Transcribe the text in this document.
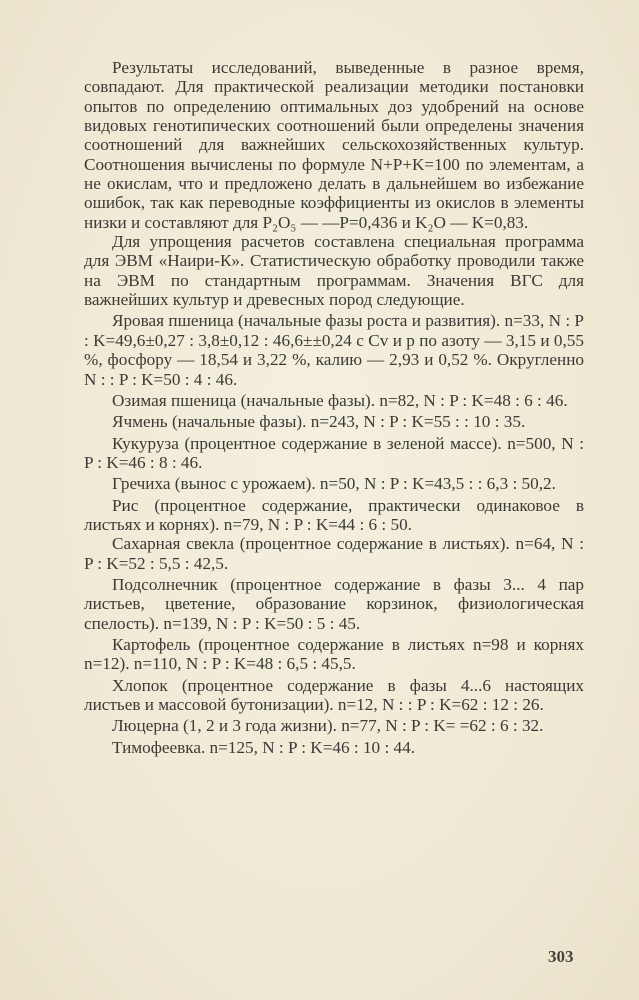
Результаты исследований, выведенные в разное время, совпадают. Для практической реализации методики постановки опытов по определению оптимальных доз удобрений на основе видовых генотипических соотношений были определены значения соотношений для важнейших сельскохозяйственных культур. Соотношения вычислены по формуле N+P+K=100 по элементам, а не окислам, что и предложено делать в дальнейшем во избежание ошибок, так как переводные коэффициенты из окислов в элементы низки и составляют для P₂O₅ — —P=0,436 и K₂O — K=0,83.

Для упрощения расчетов составлена специальная программа для ЭВМ «Наири-К». Статистическую обработку проводили также на ЭВМ по стандартным программам. Значения ВГС для важнейших культур и древесных пород следующие.

Яровая пшеница (начальные фазы роста и развития). n=33, N : P : K=49,6±0,27 : 3,8±0,12 : 46,6±±0,24 с Cv и p по азоту — 3,15 и 0,55 %, фосфору — 18,54 и 3,22 %, калию — 2,93 и 0,52 %. Округленно N : : P : K=50 : 4 : 46.

Озимая пшеница (начальные фазы). n=82, N : P : K=48 : 6 : 46.

Ячмень (начальные фазы). n=243, N : P : K=55 : : 10 : 35.

Кукуруза (процентное содержание в зеленой массе). n=500, N : P : K=46 : 8 : 46.

Гречиха (вынос с урожаем). n=50, N : P : K=43,5 : : 6,3 : 50,2.

Рис (процентное содержание, практически одинаковое в листьях и корнях). n=79, N : P : K=44 : 6 : 50.

Сахарная свекла (процентное содержание в листьях). n=64, N : P : K=52 : 5,5 : 42,5.

Подсолнечник (процентное содержание в фазы 3... 4 пар листьев, цветение, образование корзинок, физиологическая спелость). n=139, N : P : K=50 : 5 : 45.

Картофель (процентное содержание в листьях n=98 и корнях n=12). n=110, N : P : K=48 : 6,5 : 45,5.

Хлопок (процентное содержание в фазы 4...6 настоящих листьев и массовой бутонизации). n=12, N : : P : K=62 : 12 : 26.

Люцерна (1, 2 и 3 года жизни). n=77, N : P : K= =62 : 6 : 32.

Тимофеевка. n=125, N : P : K=46 : 10 : 44.

303
